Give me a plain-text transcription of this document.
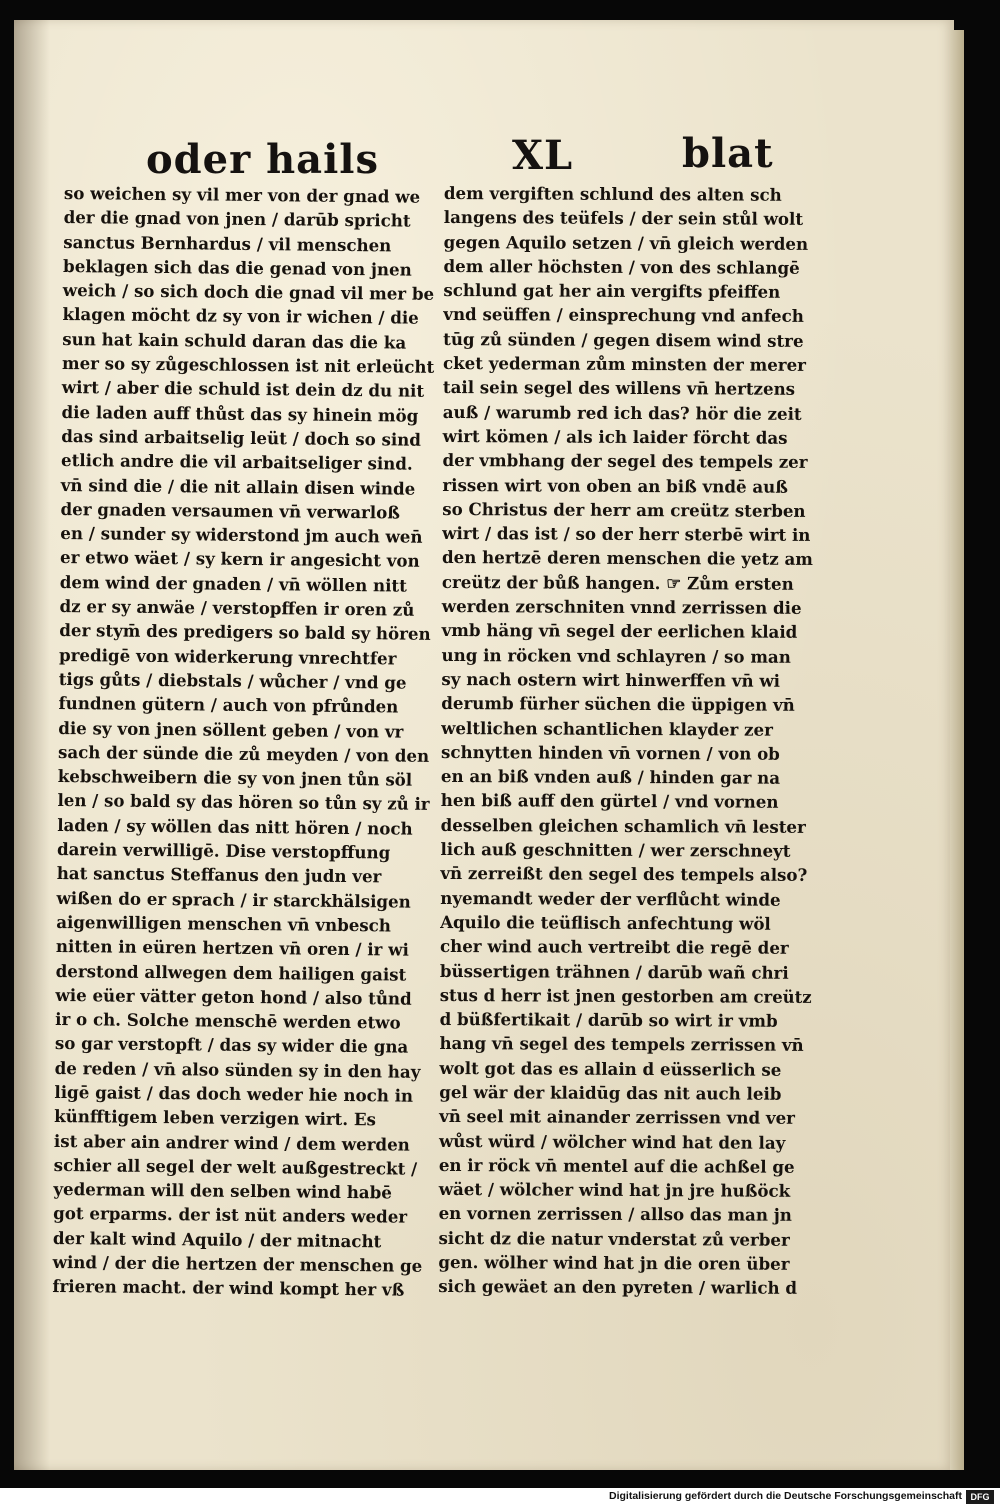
oder hails	XL	blat
so weichen sy vil mer von der gnad we
der die gnad von jnen / darūb spricht
sanctus Bernhardus / vil menschen
beklagen sich das die genad von jnen
weich / so sich doch die gnad vil mer be
klagen möcht dz sy von ir wichen / die
sun hat kain schuld daran das die ka
mer so sy zůgeschlossen ist nit erleücht
wirt / aber die schuld ist dein dz du nit
die laden auff thůst das sy hinein mög
das sind arbaitselig leüt / doch so sind
etlich andre die vil arbaitseliger sind.
vn̄ sind die / die nit allain disen winde
der gnaden versaumen vn̄ verwarloß
en / sunder sy widerstond jm auch wen̄
er etwo wäet / sy kern ir angesicht von
dem wind der gnaden / vn̄ wöllen nitt
dz er sy anwäe / verstopffen ir oren zů
der stym̄ des predigers so bald sy hören
predigē von widerkerung vnrechtfer
tigs gůts / diebstals / wůcher / vnd ge
fundnen gütern / auch von pfrůnden
die sy von jnen söllent geben / von vr
sach der sünde die zů meyden / von den
kebschweibern die sy von jnen tůn söl
len / so bald sy das hören so tůn sy zů ir
laden / sy wöllen das nitt hören / noch
darein verwilligē. Dise verstopffung
hat sanctus Steffanus den judn ver
wißen do er sprach / ir starckhälsigen
aigenwilligen menschen vn̄ vnbesch
nitten in eüren hertzen vn̄ oren / ir wi
derstond allwegen dem hailigen gaist
wie eüer vätter geton hond / also tůnd
ir o ch. Solche menschē werden etwo
so gar verstopft / das sy wider die gna
de reden / vn̄ also sünden sy in den hay
ligē gaist / das doch weder hie noch in
künfftigem leben verzigen wirt. Es
ist aber ain andrer wind / dem werden
schier all segel der welt außgestreckt /
yederman will den selben wind habē
got erparms. der ist nüt anders weder
der kalt wind Aquilo / der mitnacht
wind / der die hertzen der menschen ge
frieren macht. der wind kompt her vß
dem vergiften schlund des alten sch
langens des teüfels / der sein stůl wolt
gegen Aquilo setzen / vn̄ gleich werden
dem aller höchsten / von des schlangē
schlund gat her ain vergifts pfeiffen
vnd seüffen / einsprechung vnd anfech
tūg zů sünden / gegen disem wind stre
cket yederman zům minsten der merer
tail sein segel des willens vn̄ hertzens
auß / warumb red ich das? hör die zeit
wirt kömen / als ich laider förcht das
der vmbhang der segel des tempels zer
rissen wirt von oben an biß vndē auß
so Christus der herr am creütz sterben
wirt / das ist / so der herr sterbē wirt in
den hertzē deren menschen die yetz am
creütz der bůß hangen. ☞ Zům ersten
werden zerschniten vnnd zerrissen die
vmb häng vn̄ segel der eerlichen klaid
ung in röcken vnd schlayren / so man
sy nach ostern wirt hinwerffen vn̄ wi
derumb fürher süchen die üppigen vn̄
weltlichen schantlichen klayder zer
schnytten hinden vn̄ vornen / von ob
en an biß vnden auß / hinden gar na
hen biß auff den gürtel / vnd vornen
desselben gleichen schamlich vn̄ lester
lich auß geschnitten / wer zerschneyt
vn̄ zerreißt den segel des tempels also?
nyemandt weder der verflůcht winde
Aquilo die teüflisch anfechtung wöl
cher wind auch vertreibt die regē der
büssertigen trähnen / darūb wañ chri
stus d herr ist jnen gestorben am creütz
d büßfertikait / darūb so wirt ir vmb
hang vn̄ segel des tempels zerrissen vn̄
wolt got das es allain d eüsserlich se
gel wär der klaidūg das nit auch leib
vn̄ seel mit ainander zerrissen vnd ver
wůst würd / wölcher wind hat den lay
en ir röck vn̄ mentel auf die achßel ge
wäet / wölcher wind hat jn jre hußöck
en vornen zerrissen / allso das man jn
sicht dz die natur vnderstat zů verber
gen. wölher wind hat jn die oren über
sich gewäet an den pyreten / warlich d
Digitalisierung gefördert durch die Deutsche Forschungsgemeinschaft DFG
